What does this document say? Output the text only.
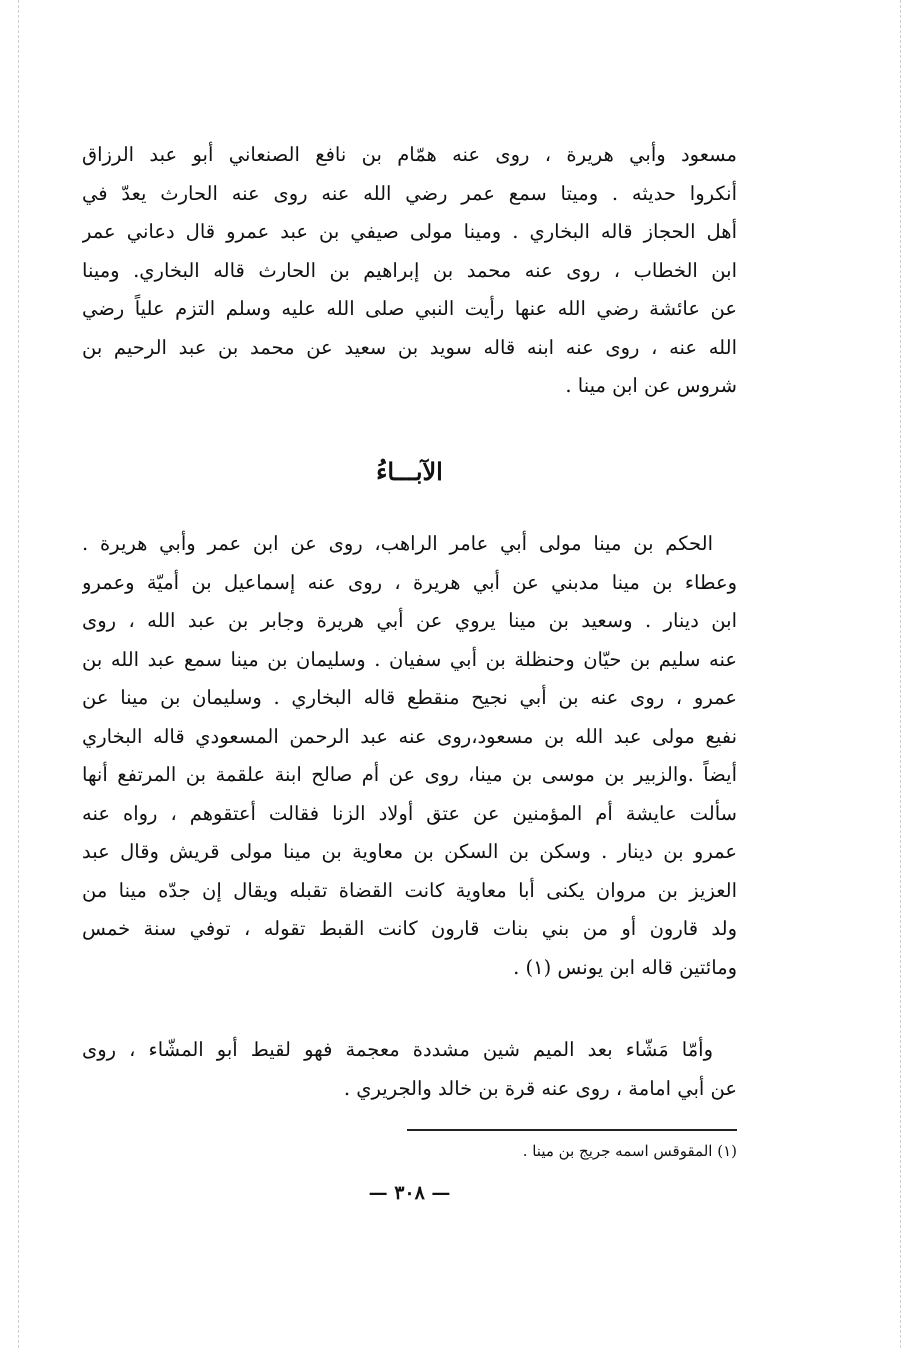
مسعود وأبي هريرة ، روى عنه همّام بن نافع الصنعاني أبو عبد الرزاق
أنكروا حديثه . وميتا سمع عمر رضي الله عنه روى عنه الحارث يعدّ في
أهل الحجاز قاله البخاري . ومينا مولى صيفي بن عبد عمرو قال دعاني عمر
ابن الخطاب ، روى عنه محمد بن إبراهيم بن الحارث قاله البخاري. ومينا
عن عائشة رضي الله عنها رأيت النبي صلى الله عليه وسلم التزم علياً رضي
الله عنه ، روى عنه ابنه قاله سويد بن سعيد عن محمد بن عبد الرحيم بن
شروس عن ابن مينا .
الآبـــاءُ
الحكم بن مينا مولى أبي عامر الراهب، روى عن ابن عمر وأبي هريرة .
وعطاء بن مينا مدبني عن أبي هريرة ، روى عنه إسماعيل بن أميّة وعمرو
ابن دينار . وسعيد بن مينا يروي عن أبي هريرة وجابر بن عبد الله ، روى
عنه سليم بن حيّان وحنظلة بن أبي سفيان . وسليمان بن مينا سمع عبد الله بن
عمرو ، روى عنه بن أبي نجيح منقطع قاله البخاري . وسليمان بن مينا عن
نفيع مولى عبد الله بن مسعود،روى عنه عبد الرحمن المسعودي قاله البخاري
أيضاً .والزبير بن موسى بن مينا، روى عن أم صالح ابنة علقمة بن المرتفع أنها
سألت عايشة أم المؤمنين عن عتق أولاد الزنا فقالت أعتقوهم ، رواه عنه
عمرو بن دينار . وسكن بن السكن بن معاوية بن مينا مولى قريش وقال عبد
العزيز بن مروان يكنى أبا معاوية كانت القضاة تقبله ويقال إن جدّه مينا من
ولد قارون أو من بني بنات قارون كانت القبط تقوله ، توفي سنة خمس
ومائتين قاله ابن يونس (١) .
وأمّا مَشّاء بعد الميم شين مشددة معجمة فهو لقيط أبو المشّاء ، روى
عن أبي امامة ، روى عنه قرة بن خالد والجريري .
(١) المقوقس اسمه جريج بن مينا .
— ٣٠٨ —
